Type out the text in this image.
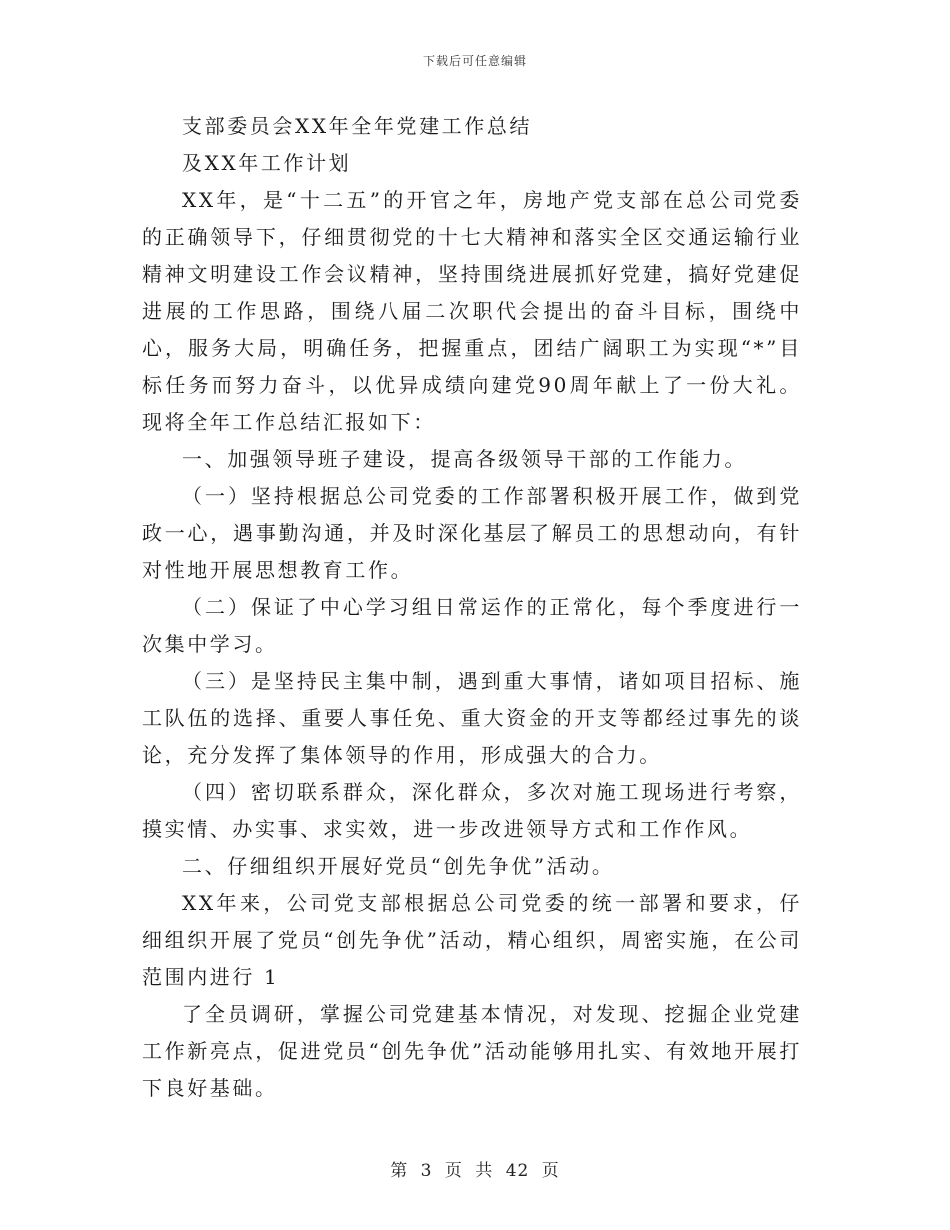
下载后可任意编辑

支部委员会XX年全年党建工作总结

及XX年工作计划

XX年，是“十二五”的开官之年，房地产党支部在总公司党委的正确领导下，仔细贯彻党的十七大精神和落实全区交通运输行业精神文明建设工作会议精神，坚持围绕进展抓好党建，搞好党建促进展的工作思路，围绕八届二次职代会提出的奋斗目标，围绕中心，服务大局，明确任务，把握重点，团结广阔职工为实现“*”目标任务而努力奋斗，以优异成绩向建党90周年献上了一份大礼。现将全年工作总结汇报如下：

一、加强领导班子建设，提高各级领导干部的工作能力。

（一）坚持根据总公司党委的工作部署积极开展工作，做到党政一心，遇事勤沟通，并及时深化基层了解员工的思想动向，有针对性地开展思想教育工作。

（二）保证了中心学习组日常运作的正常化，每个季度进行一次集中学习。

（三）是坚持民主集中制，遇到重大事情，诸如项目招标、施工队伍的选择、重要人事任免、重大资金的开支等都经过事先的谈论，充分发挥了集体领导的作用，形成强大的合力。

（四）密切联系群众，深化群众，多次对施工现场进行考察，摸实情、办实事、求实效，进一步改进领导方式和工作作风。

二、仔细组织开展好党员“创先争优”活动。

XX年来，公司党支部根据总公司党委的统一部署和要求，仔细组织开展了党员“创先争优”活动，精心组织，周密实施，在公司范围内进行 1

了全员调研，掌握公司党建基本情况，对发现、挖掘企业党建工作新亮点，促进党员“创先争优”活动能够用扎实、有效地开展打下良好基础。

第 3 页 共 42 页
